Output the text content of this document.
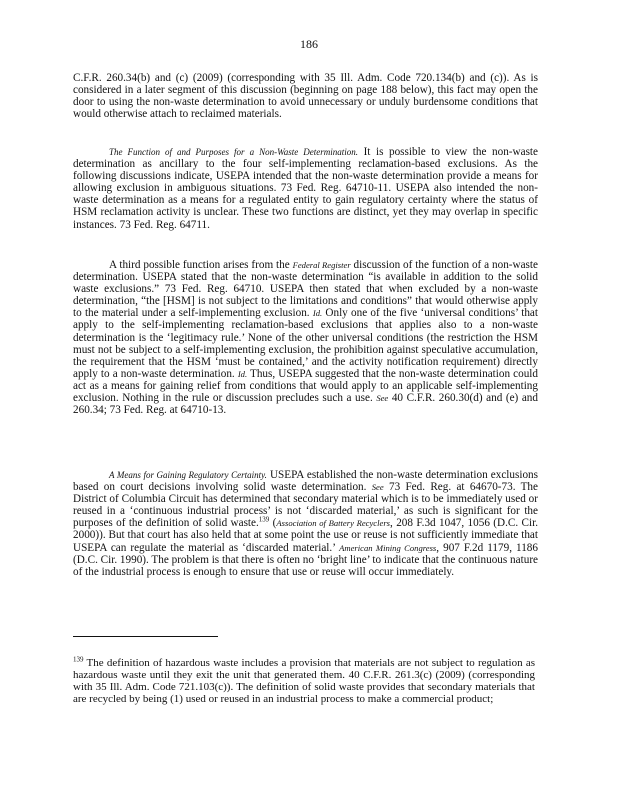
186

C.F.R. 260.34(b) and (c) (2009) (corresponding with 35 Ill. Adm. Code 720.134(b) and (c)). As is considered in a later segment of this discussion (beginning on page 188 below), this fact may open the door to using the non-waste determination to avoid unnecessary or unduly burdensome conditions that would otherwise attach to reclaimed materials.

The Function of and Purposes for a Non-Waste Determination. It is possible to view the non-waste determination as ancillary to the four self-implementing reclamation-based exclusions. As the following discussions indicate, USEPA intended that the non-waste determination provide a means for allowing exclusion in ambiguous situations. 73 Fed. Reg. 64710-11. USEPA also intended the non-waste determination as a means for a regulated entity to gain regulatory certainty where the status of HSM reclamation activity is unclear. These two functions are distinct, yet they may overlap in specific instances. 73 Fed. Reg. 64711.

A third possible function arises from the Federal Register discussion of the function of a non-waste determination. USEPA stated that the non-waste determination “is available in addition to the solid waste exclusions.” 73 Fed. Reg. 64710. USEPA then stated that when excluded by a non-waste determination, “the [HSM] is not subject to the limitations and conditions” that would otherwise apply to the material under a self-implementing exclusion. Id. Only one of the five ‘universal conditions’ that apply to the self-implementing reclamation-based exclusions that applies also to a non-waste determination is the ‘legitimacy rule.’ None of the other universal conditions (the restriction the HSM must not be subject to a self-implementing exclusion, the prohibition against speculative accumulation, the requirement that the HSM ‘must be contained,’ and the activity notification requirement) directly apply to a non-waste determination. Id. Thus, USEPA suggested that the non-waste determination could act as a means for gaining relief from conditions that would apply to an applicable self-implementing exclusion. Nothing in the rule or discussion precludes such a use. See 40 C.F.R. 260.30(d) and (e) and 260.34; 73 Fed. Reg. at 64710-13.

A Means for Gaining Regulatory Certainty. USEPA established the non-waste determination exclusions based on court decisions involving solid waste determination. See 73 Fed. Reg. at 64670-73. The District of Columbia Circuit has determined that secondary material which is to be immediately used or reused in a ‘continuous industrial process’ is not ‘discarded material,’ as such is significant for the purposes of the definition of solid waste.$^{139}$ (Association of Battery Recyclers, 208 F.3d 1047, 1056 (D.C. Cir. 2000)). But that court has also held that at some point the use or reuse is not sufficiently immediate that USEPA can regulate the material as ‘discarded material.’ American Mining Congress, 907 F.2d 1179, 1186 (D.C. Cir. 1990). The problem is that there is often no ‘bright line’ to indicate that the continuous nature of the industrial process is enough to ensure that use or reuse will occur immediately.

$^{139}$ The definition of hazardous waste includes a provision that materials are not subject to regulation as hazardous waste until they exit the unit that generated them. 40 C.F.R. 261.3(c) (2009) (corresponding with 35 Ill. Adm. Code 721.103(c)). The definition of solid waste provides that secondary materials that are recycled by being (1) used or reused in an industrial process to make a commercial product;
